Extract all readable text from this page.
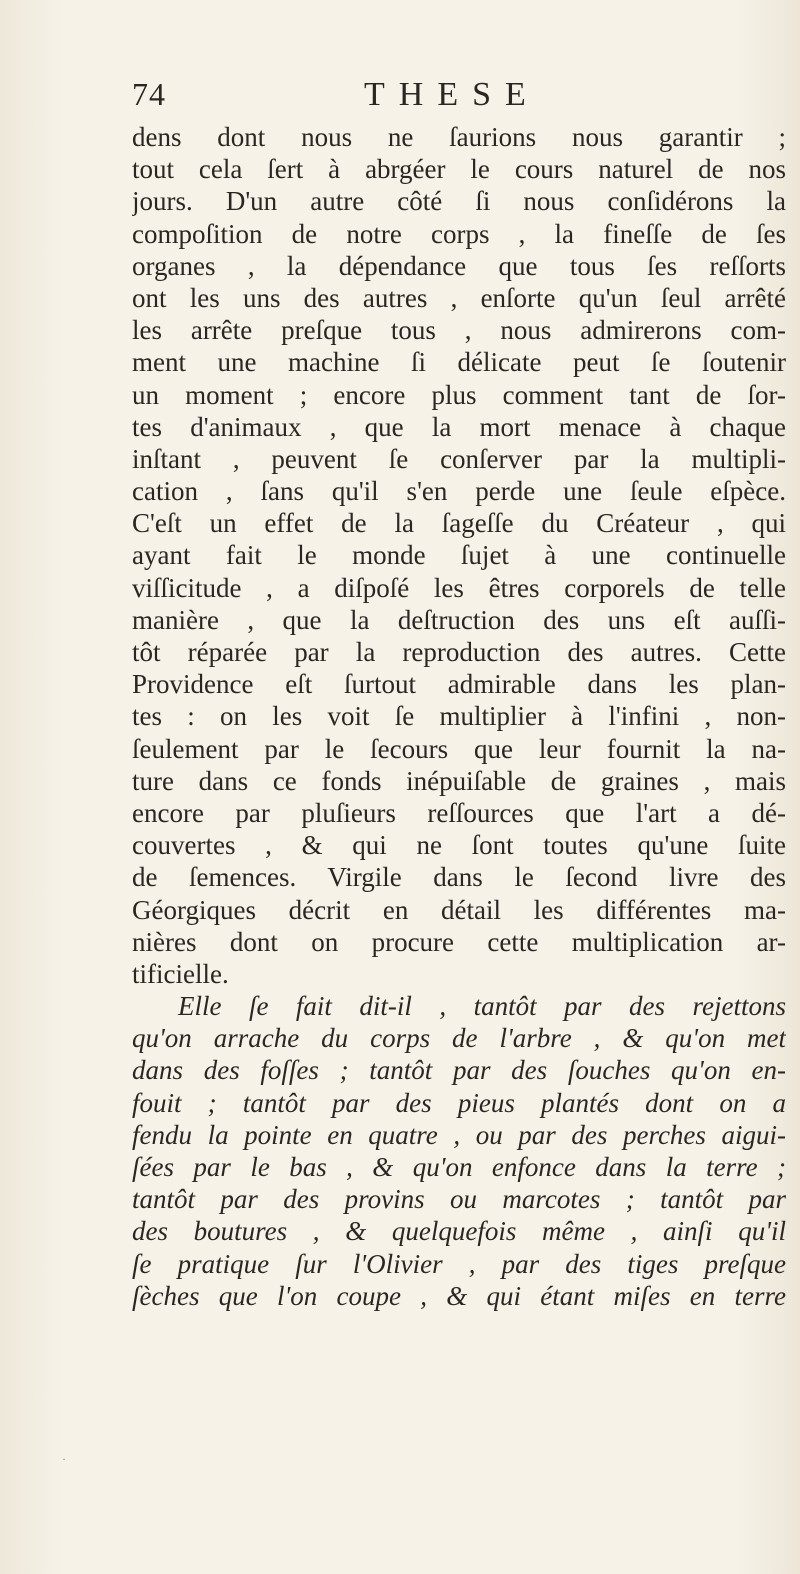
74	THESE
dens dont nous ne ſaurions nous garantir ;
tout cela ſert à abrgéer le cours naturel de nos
jours. D'un autre côté ſi nous conſidérons la
compoſition de notre corps , la fineſſe de ſes
organes , la dépendance que tous ſes reſſorts
ont les uns des autres , enſorte qu'un ſeul arrêté
les arrête preſque tous , nous admirerons com-
ment une machine ſi délicate peut ſe ſoutenir
un moment ; encore plus comment tant de ſor-
tes d'animaux , que la mort menace à chaque
inſtant , peuvent ſe conſerver par la multipli-
cation , ſans qu'il s'en perde une ſeule eſpèce.
C'eſt un effet de la ſageſſe du Créateur , qui
ayant fait le monde ſujet à une continuelle
viſſicitude , a diſpoſé les êtres corporels de telle
manière , que la deſtruction des uns eſt auſſi-
tôt réparée par la reproduction des autres. Cette
Providence eſt ſurtout admirable dans les plan-
tes : on les voit ſe multiplier à l'infini , non-
ſeulement par le ſecours que leur fournit la na-
ture dans ce fonds inépuiſable de graines , mais
encore par pluſieurs reſſources que l'art a dé-
couvertes , & qui ne ſont toutes qu'une ſuite
de ſemences. Virgile dans le ſecond livre des
Géorgiques décrit en détail les différentes ma-
nières dont on procure cette multiplication ar-
tificielle.
Elle ſe fait dit-il , tantôt par des rejettons
qu'on arrache du corps de l'arbre , & qu'on met
dans des foſſes ; tantôt par des ſouches qu'on en-
fouit ; tantôt par des pieus plantés dont on a
fendu la pointe en quatre , ou par des perches aigui-
ſées par le bas , & qu'on enfonce dans la terre ;
tantôt par des provins ou marcotes ; tantôt par
des boutures , & quelquefois même , ainſi qu'il
ſe pratique ſur l'Olivier , par des tiges preſque
ſèches que l'on coupe , & qui étant miſes en terre
·
